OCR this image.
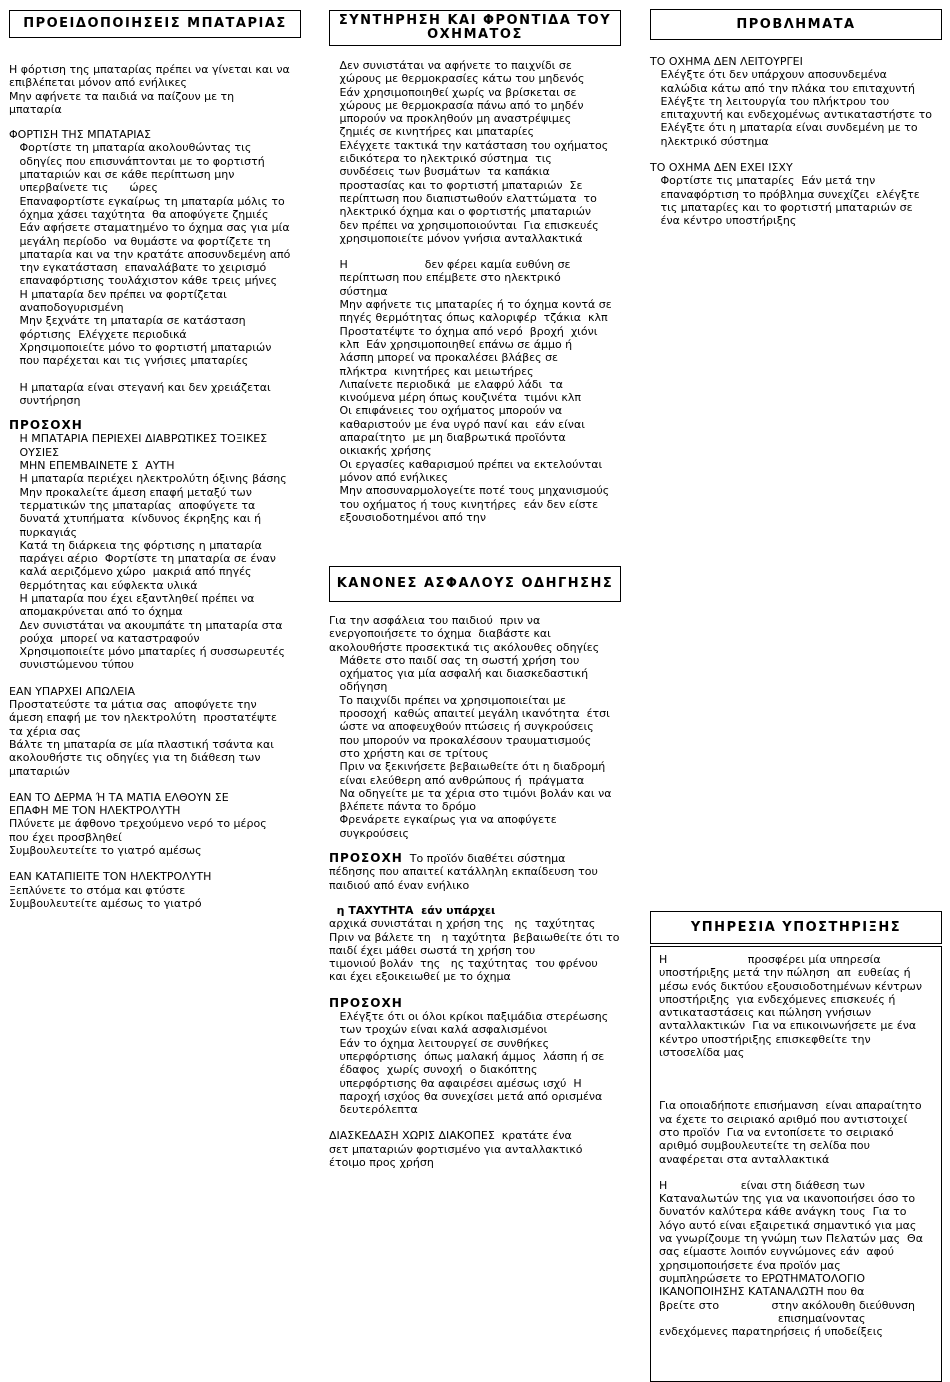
ΠΡΟΕΙΔΟΠΟΙΗΣΕΙΣ ΜΠΑΤΑΡΙΑΣ

Η φόρτιση της μπαταρίας πρέπει να γίνεται και να
επιβλέπεται μόνον από ενήλικες
Μην αφήνετε τα παιδιά να παίζουν με τη
μπαταρία

ΦΟΡΤΙΣΗ ΤΗΣ ΜΠΑΤΑΡΙΑΣ

Φορτίστε τη μπαταρία ακολουθώντας τις
οδηγίες που επισυνάπτονται με το φορτιστή
μπαταριών και σε κάθε περίπτωση μην
υπερβαίνετε τις      ώρες
Επαναφορτίστε εγκαίρως τη μπαταρία μόλις το
όχημα χάσει ταχύτητα  θα αποφύγετε ζημιές
Εάν αφήσετε σταματημένο το όχημα σας για μία
μεγάλη περίοδο  να θυμάστε να φορτίζετε τη
μπαταρία και να την κρατάτε αποσυνδεμένη από
την εγκατάσταση  επαναλάβατε το χειρισμό
επαναφόρτισης τουλάχιστον κάθε τρεις μήνες
Η μπαταρία δεν πρέπει να φορτίζεται
αναποδογυρισμένη
Μην ξεχνάτε τη μπαταρία σε κατάσταση
φόρτισης  Ελέγχετε περιοδικά
Χρησιμοποιείτε μόνο το φορτιστή μπαταριών
που παρέχεται και τις γνήσιες μπαταρίες

Η μπαταρία είναι στεγανή και δεν χρειάζεται
συντήρηση

ΠΡΟΣΟΧΗ

Η ΜΠΑΤΑΡΙΑ ΠΕΡΙΕΧΕΙ ΔΙΑΒΡΩΤΙΚΕΣ ΤΟΞΙΚΕΣ
ΟΥΣΙΕΣ
ΜΗΝ ΕΠΕΜΒΑΙΝΕΤΕ Σ  ΑΥΤΗ
Η μπαταρία περιέχει ηλεκτρολύτη όξινης βάσης
Μην προκαλείτε άμεση επαφή μεταξύ των
τερματικών της μπαταρίας  αποφύγετε τα
δυνατά χτυπήματα  κίνδυνος έκρηξης και ή
πυρκαγιάς
Κατά τη διάρκεια της φόρτισης η μπαταρία
παράγει αέριο  Φορτίστε τη μπαταρία σε έναν
καλά αεριζόμενο χώρο  μακριά από πηγές
θερμότητας και εύφλεκτα υλικά
Η μπαταρία που έχει εξαντληθεί πρέπει να
απομακρύνεται από το όχημα
Δεν συνιστάται να ακουμπάτε τη μπαταρία στα
ρούχα  μπορεί να καταστραφούν
Χρησιμοποιείτε μόνο μπαταρίες ή συσσωρευτές
συνιστώμενου τύπου

ΕΑΝ ΥΠΑΡΧΕΙ ΑΠΩΛΕΙΑ

Προστατεύστε τα μάτια σας  αποφύγετε την
άμεση επαφή με τον ηλεκτρολύτη  προστατέψτε
τα χέρια σας
Βάλτε τη μπαταρία σε μία πλαστική τσάντα και
ακολουθήστε τις οδηγίες για τη διάθεση των
μπαταριών

ΕΑΝ ΤΟ ΔΕΡΜΑ Ή ΤΑ ΜΑΤΙΑ ΕΛΘΟΥΝ ΣΕ
ΕΠΑΦΗ ΜΕ ΤΟΝ ΗΛΕΚΤΡΟΛΥΤΗ

Πλύνετε με άφθονο τρεχούμενο νερό το μέρος
που έχει προσβληθεί
Συμβουλευτείτε το γιατρό αμέσως

ΕΑΝ ΚΑΤΑΠΙΕΙΤΕ ΤΟΝ ΗΛΕΚΤΡΟΛΥΤΗ

Ξεπλύνετε το στόμα και φτύστε
Συμβουλευτείτε αμέσως το γιατρό

ΣΥΝΤΗΡΗΣΗ ΚΑΙ ΦΡΟΝΤΙΔΑ ΤΟΥ
ΟΧΗΜΑΤΟΣ

Δεν συνιστάται να αφήνετε το παιχνίδι σε
χώρους με θερμοκρασίες κάτω του μηδενός
Εάν χρησιμοποιηθεί χωρίς να βρίσκεται σε
χώρους με θερμοκρασία πάνω από το μηδέν
μπορούν να προκληθούν μη αναστρέψιμες
ζημιές σε κινητήρες και μπαταρίες
Ελέγχετε τακτικά την κατάσταση του οχήματος
ειδικότερα το ηλεκτρικό σύστημα  τις
συνδέσεις των βυσμάτων  τα καπάκια
προστασίας και το φορτιστή μπαταριών  Σε
περίπτωση που διαπιστωθούν ελαττώματα  το
ηλεκτρικό όχημα και ο φορτιστής μπαταριών
δεν πρέπει να χρησιμοποιούνται  Για επισκευές
χρησιμοποιείτε μόνον γνήσια ανταλλακτικά

Η                      δεν φέρει καμία ευθύνη σε
περίπτωση που επέμβετε στο ηλεκτρικό
σύστημα
Μην αφήνετε τις μπαταρίες ή το όχημα κοντά σε
πηγές θερμότητας όπως καλοριφέρ  τζάκια  κλπ
Προστατέψτε το όχημα από νερό  βροχή  χιόνι
κλπ  Εάν χρησιμοποιηθεί επάνω σε άμμο ή
λάσπη μπορεί να προκαλέσει βλάβες σε
πλήκτρα  κινητήρες και μειωτήρες
Λιπαίνετε περιοδικά  με ελαφρύ λάδι  τα
κινούμενα μέρη όπως κουζινέτα  τιμόνι κλπ
Οι επιφάνειες του οχήματος μπορούν να
καθαριστούν με ένα υγρό πανί και  εάν είναι
απαραίτητο  με μη διαβρωτικά προϊόντα
οικιακής χρήσης
Οι εργασίες καθαρισμού πρέπει να εκτελούνται
μόνον από ενήλικες
Μην αποσυναρμολογείτε ποτέ τους μηχανισμούς
του οχήματος ή τους κινητήρες  εάν δεν είστε
εξουσιοδοτημένοι από την

ΚΑΝΟΝΕΣ ΑΣΦΑΛΟΥΣ ΟΔΗΓΗΣΗΣ

Για την ασφάλεια του παιδιού  πριν να
ενεργοποιήσετε το όχημα  διαβάστε και
ακολουθήστε προσεκτικά τις ακόλουθες οδηγίες

Μάθετε στο παιδί σας τη σωστή χρήση του
οχήματος για μία ασφαλή και διασκεδαστική
οδήγηση
Το παιχνίδι πρέπει να χρησιμοποιείται με
προσοχή  καθώς απαιτεί μεγάλη ικανότητα  έτσι
ώστε να αποφευχθούν πτώσεις ή συγκρούσεις
που μπορούν να προκαλέσουν τραυματισμούς
στο χρήστη και σε τρίτους
Πριν να ξεκινήσετε βεβαιωθείτε ότι η διαδρομή
είναι ελεύθερη από ανθρώπους ή  πράγματα
Να οδηγείτε με τα χέρια στο τιμόνι βολάν και να
βλέπετε πάντα το δρόμο
Φρενάρετε εγκαίρως για να αποφύγετε
συγκρούσεις

ΠΡΟΣΟΧΗ  Το προϊόν διαθέτει σύστημα
πέδησης που απαιτεί κατάλληλη εκπαίδευση του
παιδιού από έναν ενήλικο

η ΤΑΧΥΤΗΤΑ  εάν υπάρχει

αρχικά συνιστάται η χρήση της   ης  ταχύτητας
Πριν να βάλετε τη   η ταχύτητα  βεβαιωθείτε ότι το
παιδί έχει μάθει σωστά τη χρήση του
τιμονιού βολάν  της   ης ταχύτητας  του φρένου
και έχει εξοικειωθεί με το όχημα

ΠΡΟΣΟΧΗ

Ελέγξτε ότι οι όλοι κρίκοι παξιμάδια στερέωσης
των τροχών είναι καλά ασφαλισμένοι
Εάν το όχημα λειτουργεί σε συνθήκες
υπερφόρτισης  όπως μαλακή άμμος  λάσπη ή σε
έδαφος  χωρίς συνοχή  ο διακόπτης
υπερφόρτισης θα αφαιρέσει αμέσως ισχύ  Η
παροχή ισχύος θα συνεχίσει μετά από ορισμένα
δευτερόλεπτα

ΔΙΑΣΚΕΔΑΣΗ ΧΩΡΙΣ ΔΙΑΚΟΠΕΣ  κρατάτε ένα
σετ μπαταριών φορτισμένο για ανταλλακτικό
έτοιμο προς χρήση

ΠΡΟΒΛΗΜΑΤΑ

ΤΟ ΟΧΗΜΑ ΔΕΝ ΛΕΙΤΟΥΡΓΕΙ

Ελέγξτε ότι δεν υπάρχουν αποσυνδεμένα
καλώδια κάτω από την πλάκα του επιταχυντή
Ελέγξτε τη λειτουργία του πλήκτρου του
επιταχυντή και ενδεχομένως αντικαταστήστε το
Ελέγξτε ότι η μπαταρία είναι συνδεμένη με το
ηλεκτρικό σύστημα

ΤΟ ΟΧΗΜΑ ΔΕΝ ΕΧΕΙ ΙΣΧΥ

Φορτίστε τις μπαταρίες  Εάν μετά την
επαναφόρτιση το πρόβλημα συνεχίζει  ελέγξτε
τις μπαταρίες και το φορτιστή μπαταριών σε
ένα κέντρο υποστήριξης

ΥΠΗΡΕΣΙΑ ΥΠΟΣΤΗΡΙΞΗΣ

Η                       προσφέρει μία υπηρεσία
υποστήριξης μετά την πώληση  απ  ευθείας ή
μέσω ενός δικτύου εξουσιοδοτημένων κέντρων
υποστήριξης  για ενδεχόμενες επισκευές ή
αντικαταστάσεις και πώληση γνήσιων
ανταλλακτικών  Για να επικοινωνήσετε με ένα
κέντρο υποστήριξης επισκεφθείτε την
ιστοσελίδα μας

Για οποιαδήποτε επισήμανση  είναι απαραίτητο
να έχετε το σειριακό αριθμό που αντιστοιχεί
στο προϊόν  Για να εντοπίσετε το σειριακό
αριθμό συμβουλευτείτε τη σελίδα που
αναφέρεται στα ανταλλακτικά

Η                     είναι στη διάθεση των
Καταναλωτών της για να ικανοποιήσει όσο το
δυνατόν καλύτερα κάθε ανάγκη τους  Για το
λόγο αυτό είναι εξαιρετικά σημαντικό για μας
να γνωρίζουμε τη γνώμη των Πελατών μας  Θα
σας είμαστε λοιπόν ευγνώμονες εάν  αφού
χρησιμοποιήσετε ένα προϊόν μας
συμπληρώσετε το ΕΡΩΤΗΜΑΤΟΛΟΓΙΟ
ΙΚΑΝΟΠΟΙΗΣΗΣ ΚΑΤΑΝΑΛΩΤΗ που θα
βρείτε στο               στην ακόλουθη διεύθυνση
επισημαίνοντας
ενδεχόμενες παρατηρήσεις ή υποδείξεις
